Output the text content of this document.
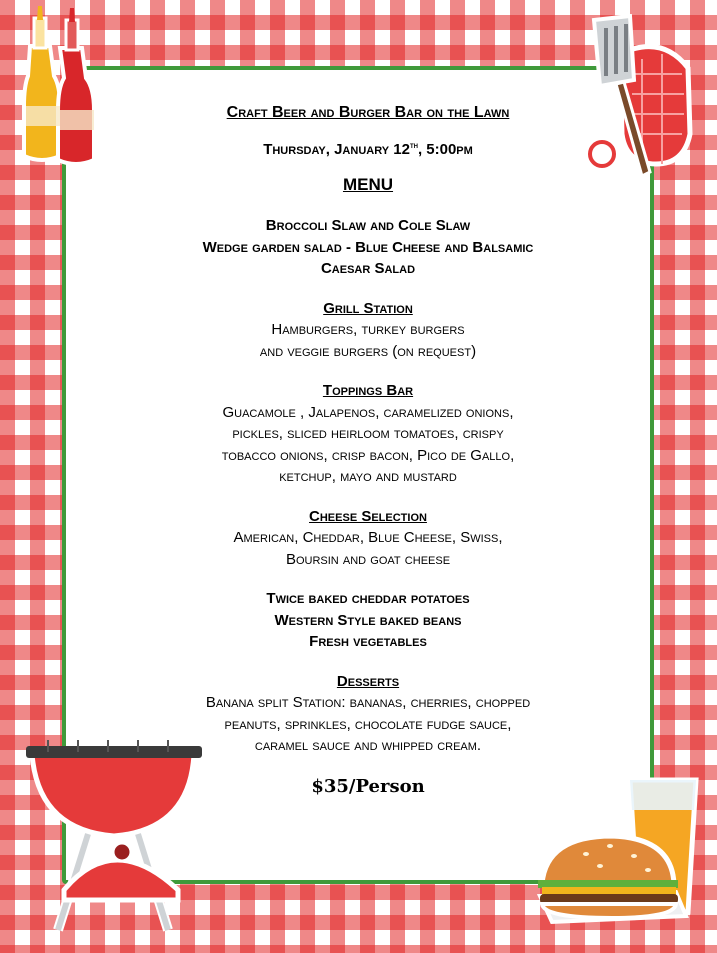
Craft Beer and Burger Bar on the Lawn
Thursday, January 12th, 5:00pm
MENU
Broccoli Slaw and Cole Slaw
Wedge garden salad - Blue Cheese and Balsamic
Caesar Salad
Grill Station
Hamburgers, turkey burgers
and veggie burgers (on request)
Toppings Bar
Guacamole , Jalapenos, caramelized onions,
pickles, sliced heirloom tomatoes, crispy
tobacco onions, crisp bacon, Pico de Gallo,
ketchup, mayo and mustard
Cheese Selection
American, Cheddar, Blue Cheese, Swiss,
Boursin and goat cheese
Twice baked cheddar potatoes
Western Style baked beans
Fresh vegetables
Desserts
Banana split Station: bananas, cherries, chopped
peanuts, sprinkles, chocolate fudge sauce,
caramel sauce and whipped cream.
$35/Person
